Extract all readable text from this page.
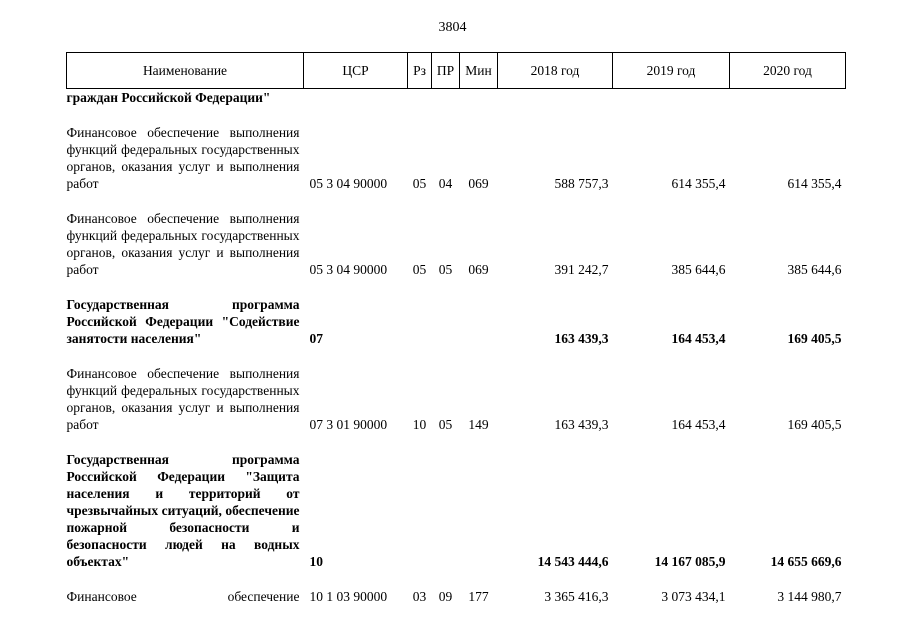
3804
Наименование	ЦСР	Рз	ПР	Мин	2018 год	2019 год	2020 год
граждан Российской Федерации"							

Финансовое обеспечение выполнения функций федеральных государственных органов, оказания услуг и выполнения работ	05 3 04 90000	05	04	069	588 757,3	614 355,4	614 355,4

Финансовое обеспечение выполнения функций федеральных государственных органов, оказания услуг и выполнения работ	05 3 04 90000	05	05	069	391 242,7	385 644,6	385 644,6

Государственная программа Российской Федерации "Содействие занятости населения"	07				163 439,3	164 453,4	169 405,5

Финансовое обеспечение выполнения функций федеральных государственных органов, оказания услуг и выполнения работ	07 3 01 90000	10	05	149	163 439,3	164 453,4	169 405,5

Государственная программа Российской Федерации "Защита населения и территорий от чрезвычайных ситуаций, обеспечение пожарной безопасности и безопасности людей на водных объектах"	10				14 543 444,6	14 167 085,9	14 655 669,6

Финансовое обеспечение	10 1 03 90000	03	09	177	3 365 416,3	3 073 434,1	3 144 980,7
